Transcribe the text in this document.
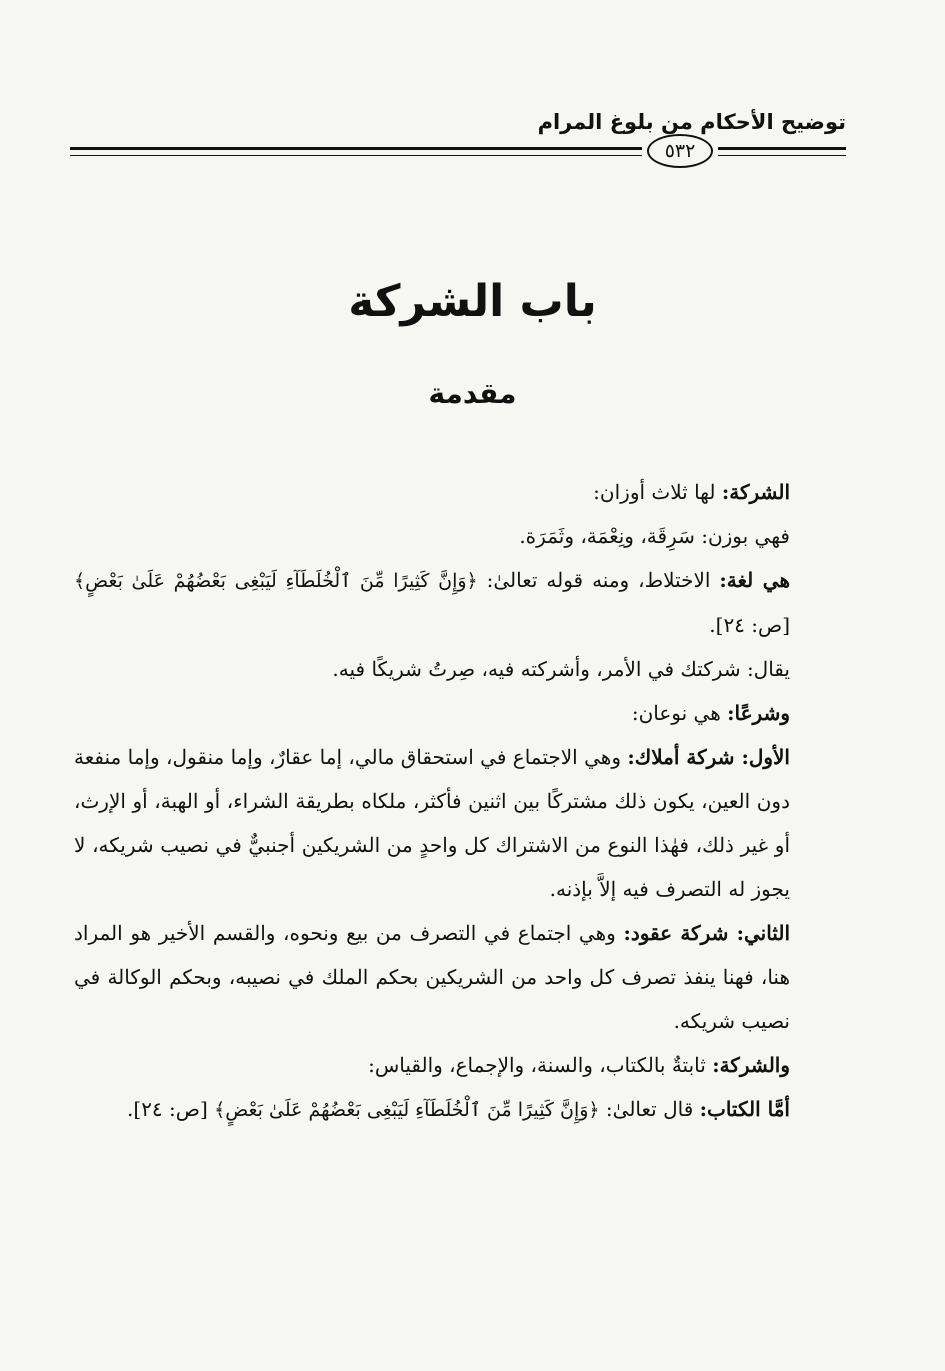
توضيح الأحكام من بلوغ المرام
٥٣٢
باب الشركة
مقدمة

الشركة: لها ثلاث أوزان:

فهي بوزن: سَرِقَة، ونِعْمَة، وثَمَرَة.

هي لغة: الاختلاط، ومنه قوله تعالىٰ: ﴿وَإِنَّ كَثِيرًا مِّنَ ٱلْخُلَطَآءِ لَيَبْغِى بَعْضُهُمْ عَلَىٰ بَعْضٍ﴾ [ص: ٢٤].

يقال: شركتك في الأمر، وأشركته فيه، صِرتُ شريكًا فيه.

وشرعًا: هي نوعان:

الأول: شركة أملاك: وهي الاجتماع في استحقاق مالي، إما عقارٌ، وإما منقول، وإما منفعة دون العين، يكون ذلك مشتركًا بين اثنين فأكثر، ملكاه بطريقة الشراء، أو الهبة، أو الإرث، أو غير ذلك، فهٰذا النوع من الاشتراك كل واحدٍ من الشريكين أجنبيٌّ في نصيب شريكه، لا يجوز له التصرف فيه إلاَّ بإذنه.

الثاني: شركة عقود: وهي اجتماع في التصرف من بيع ونحوه، والقسم الأخير هو المراد هنا، فهنا ينفذ تصرف كل واحد من الشريكين بحكم الملك في نصيبه، وبحكم الوكالة في نصيب شريكه.

والشركة: ثابتةٌ بالكتاب، والسنة، والإجماع، والقياس:

أمَّا الكتاب: قال تعالىٰ: ﴿وَإِنَّ كَثِيرًا مِّنَ ٱلْخُلَطَآءِ لَيَبْغِى بَعْضُهُمْ عَلَىٰ بَعْضٍ﴾ [ص: ٢٤].
